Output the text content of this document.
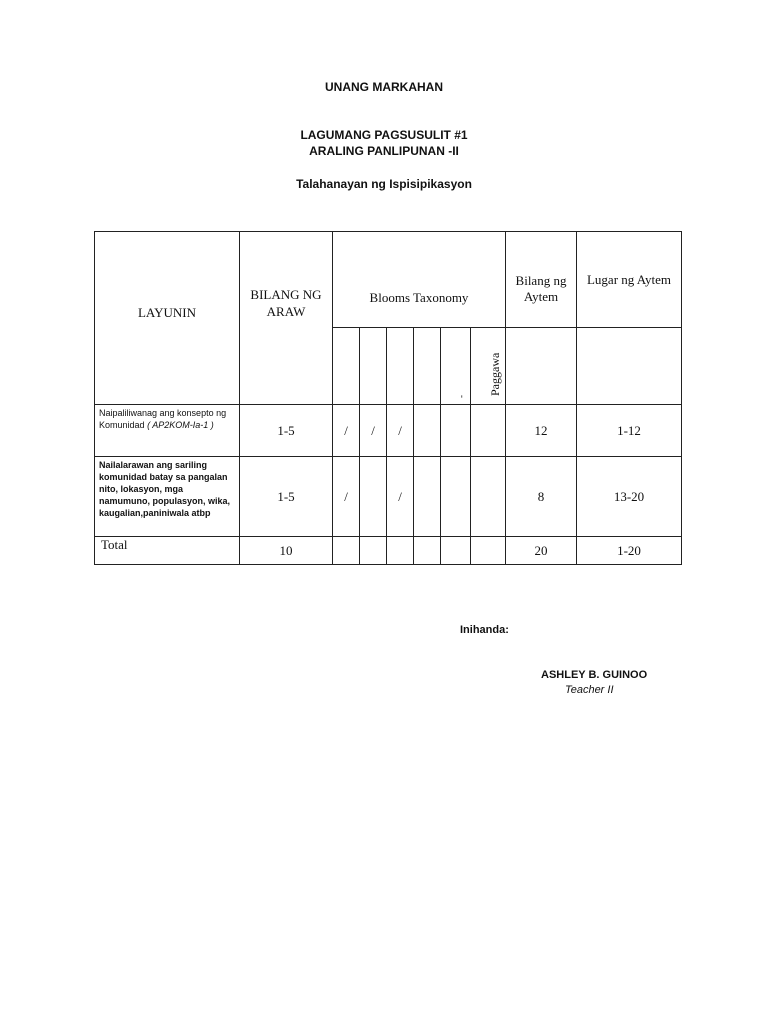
UNANG MARKAHAN
LAGUMANG PAGSUSULIT #1
ARALING PANLIPUNAN -II
Talahanayan ng Ispisipikasyon
LAYUNIN	BILANG NG ARAW	Blooms Taxonomy						Bilang ng Aytem	Lugar ng Aytem

						-	Paggawa		

Naipaliliwanag ang konsepto ng Komunidad ( AP2KOM-Ia-1 )	1-5	/	/	/				12	1-12
Nailalarawan ang sariling komunidad batay sa pangalan nito, lokasyon, mga namumuno, populasyon, wika, kaugalian,paniniwala atbp	1-5	/		/				8	13-20
Total	10							20	1-20
Inihanda:
ASHLEY B. GUINOO
Teacher II
